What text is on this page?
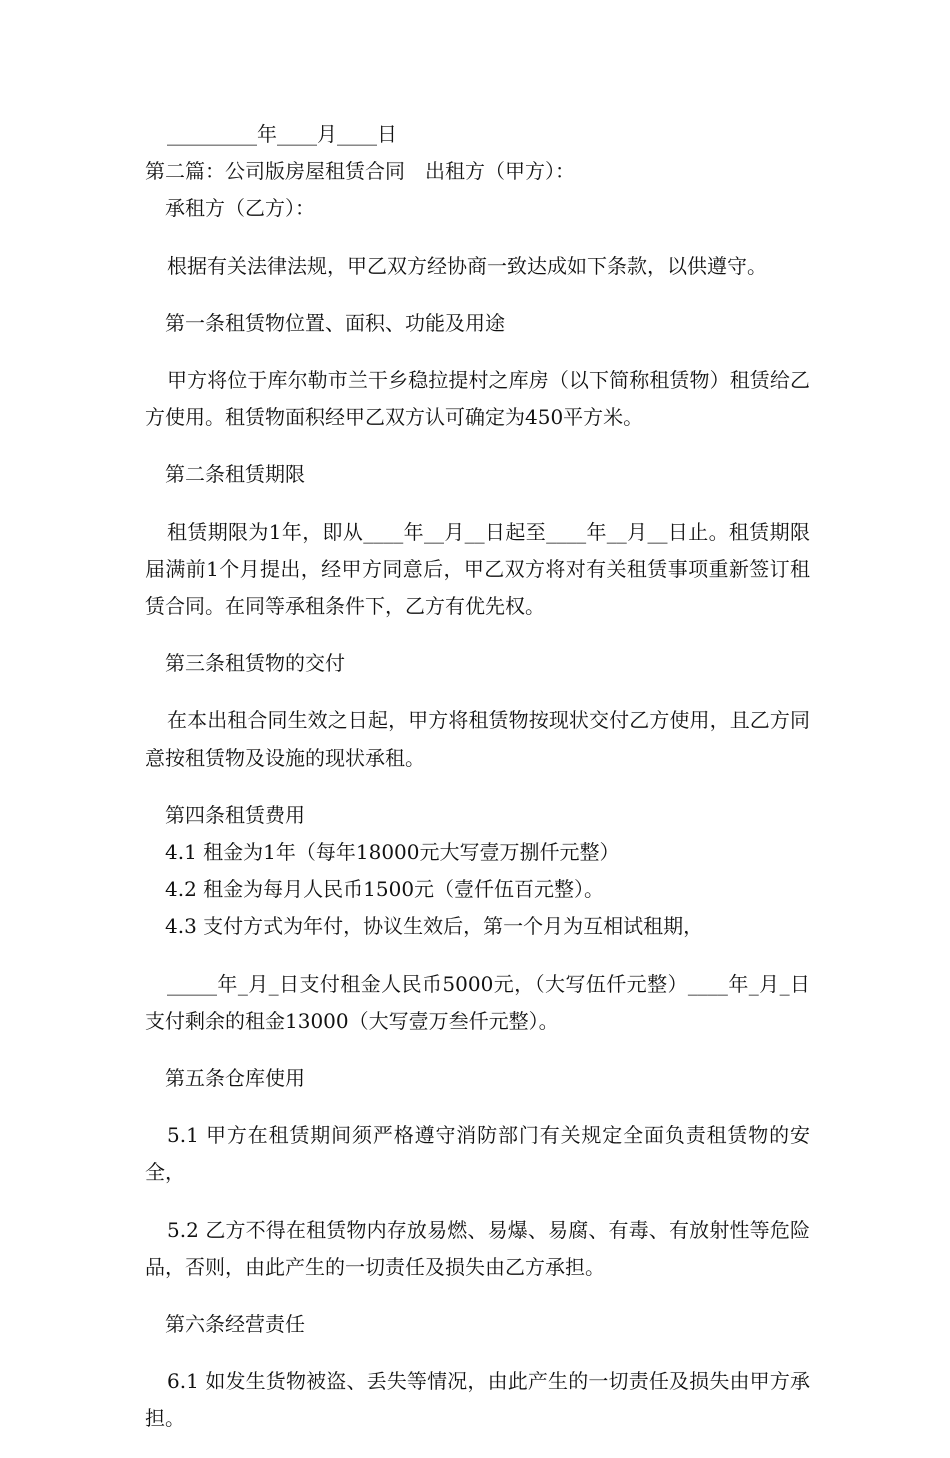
_________年____月____日

第二篇：公司版房屋租赁合同　出租方（甲方）：

承租方（乙方）：

根据有关法律法规，甲乙双方经协商一致达成如下条款，以供遵守。

第一条租赁物位置、面积、功能及用途

甲方将位于库尔勒市兰干乡稳拉提村之库房（以下简称租赁物）租赁给乙方使用。租赁物面积经甲乙双方认可确定为450平方米。

第二条租赁期限

租赁期限为1年，即从____年__月__日起至____年__月__日止。租赁期限届满前1个月提出，经甲方同意后，甲乙双方将对有关租赁事项重新签订租赁合同。在同等承租条件下，乙方有优先权。

第三条租赁物的交付

在本出租合同生效之日起，甲方将租赁物按现状交付乙方使用，且乙方同意按租赁物及设施的现状承租。

第四条租赁费用

4.1 租金为1年（每年18000元大写壹万捌仟元整）

4.2 租金为每月人民币1500元（壹仟伍百元整）。

4.3 支付方式为年付，协议生效后，第一个月为互相试租期，

_____年_月_日支付租金人民币5000元，（大写伍仟元整）____年_月_日支付剩余的租金13000（大写壹万叁仟元整）。

第五条仓库使用

5.1 甲方在租赁期间须严格遵守消防部门有关规定全面负责租赁物的安全，

5.2 乙方不得在租赁物内存放易燃、易爆、易腐、有毒、有放射性等危险品，否则，由此产生的一切责任及损失由乙方承担。

第六条经营责任

6.1 如发生货物被盗、丢失等情况，由此产生的一切责任及损失由甲方承担。
